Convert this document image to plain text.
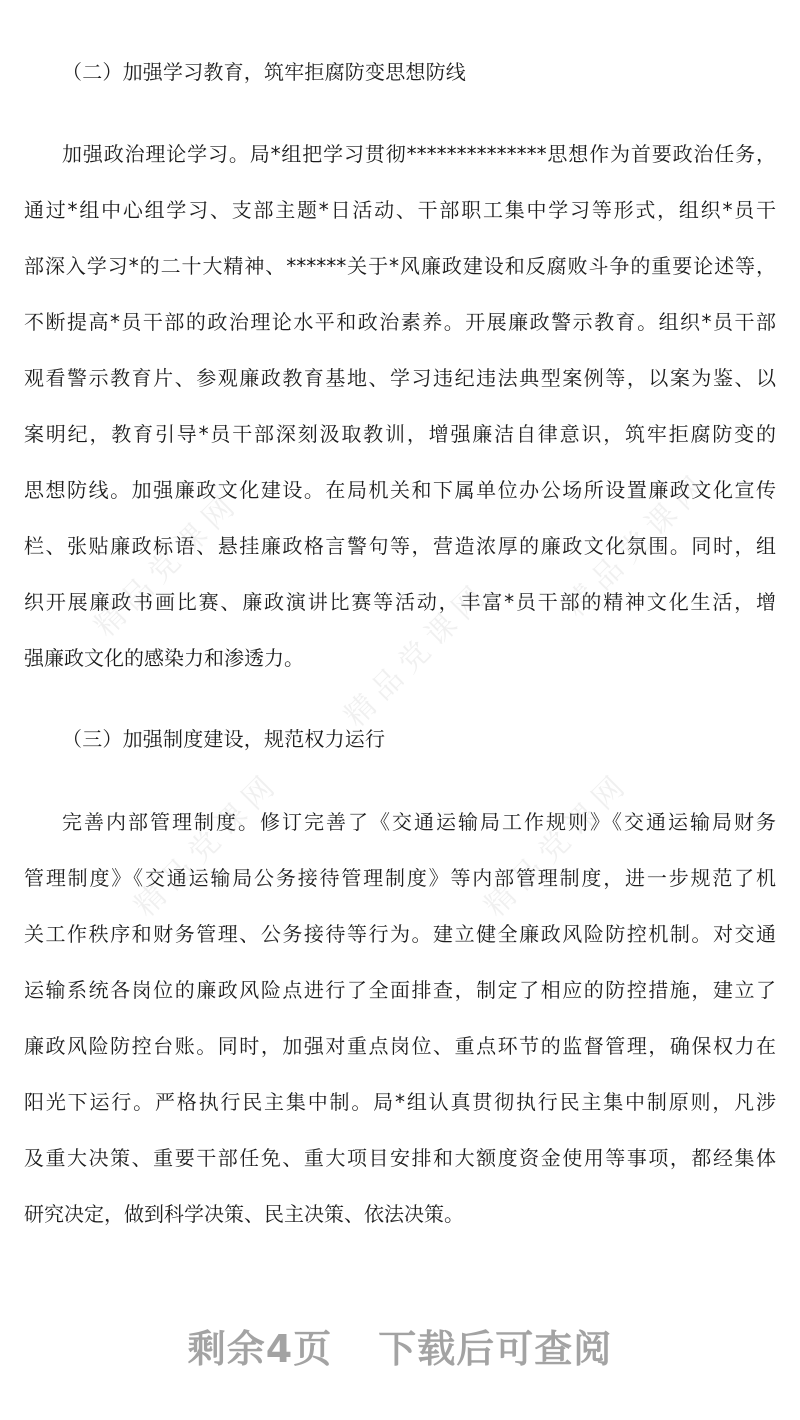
精品党课网	精品党课网
精品党课网
精品党课网	精品党课网
（二）加强学习教育，筑牢拒腐防变思想防线
加强政治理论学习。局*组把学习贯彻**************思想作为首要政治任务，
通过*组中心组学习、支部主题*日活动、干部职工集中学习等形式，组织*员干
部深入学习*的二十大精神、******关于*风廉政建设和反腐败斗争的重要论述等，
不断提高*员干部的政治理论水平和政治素养。开展廉政警示教育。组织*员干部
观看警示教育片、参观廉政教育基地、学习违纪违法典型案例等，以案为鉴、以
案明纪，教育引导*员干部深刻汲取教训，增强廉洁自律意识，筑牢拒腐防变的
思想防线。加强廉政文化建设。在局机关和下属单位办公场所设置廉政文化宣传
栏、张贴廉政标语、悬挂廉政格言警句等，营造浓厚的廉政文化氛围。同时，组
织开展廉政书画比赛、廉政演讲比赛等活动，丰富*员干部的精神文化生活，增
强廉政文化的感染力和渗透力。
（三）加强制度建设，规范权力运行
完善内部管理制度。修订完善了《交通运输局工作规则》《交通运输局财务
管理制度》《交通运输局公务接待管理制度》等内部管理制度，进一步规范了机
关工作秩序和财务管理、公务接待等行为。建立健全廉政风险防控机制。对交通
运输系统各岗位的廉政风险点进行了全面排查，制定了相应的防控措施，建立了
廉政风险防控台账。同时，加强对重点岗位、重点环节的监督管理，确保权力在
阳光下运行。严格执行民主集中制。局*组认真贯彻执行民主集中制原则，凡涉
及重大决策、重要干部任免、重大项目安排和大额度资金使用等事项，都经集体
研究决定，做到科学决策、民主决策、依法决策。
剩余4页 下载后可查阅
